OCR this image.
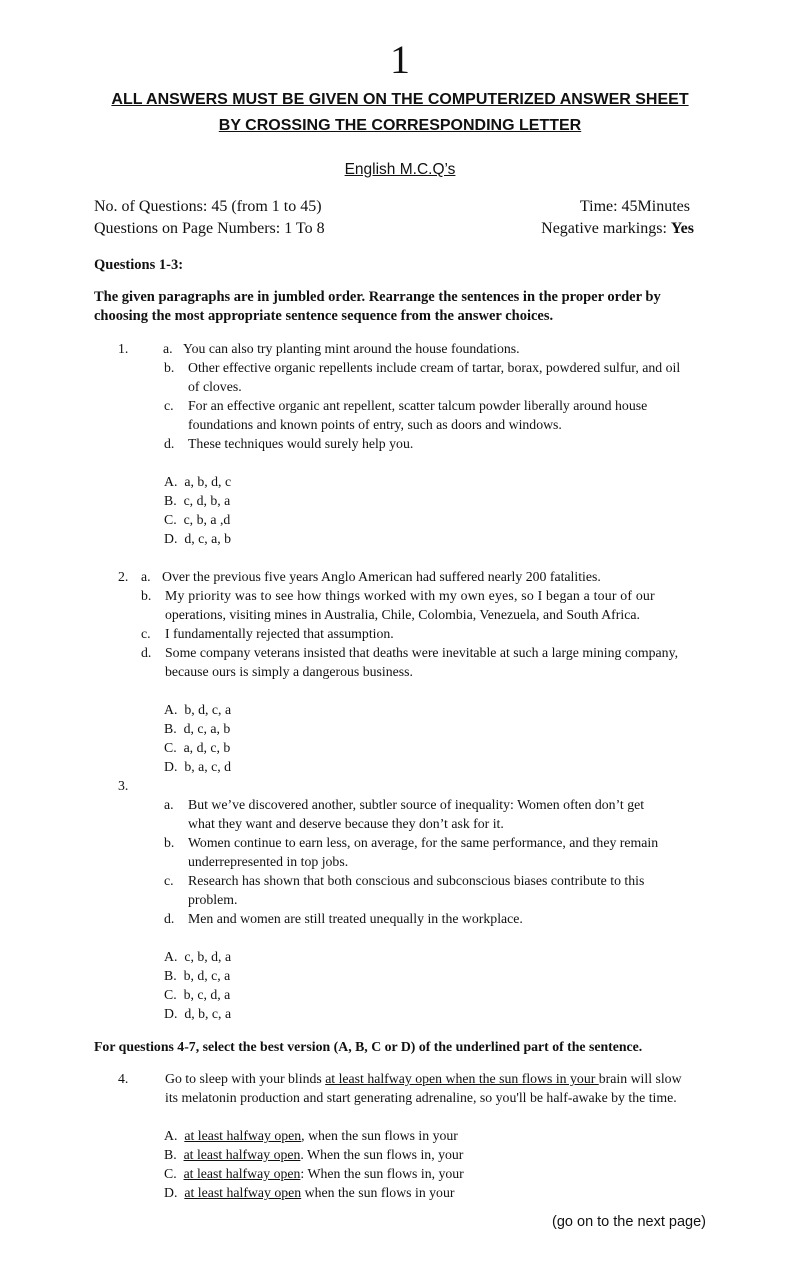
1
ALL ANSWERS MUST BE GIVEN ON THE COMPUTERIZED ANSWER SHEET
BY CROSSING THE CORRESPONDING LETTER
English M.C.Q’s
No. of Questions: 45 (from 1 to 45)	Time: 45Minutes
Questions on Page Numbers: 1 To 8	Negative markings: Yes
Questions 1-3:
The given paragraphs are in jumbled order. Rearrange the sentences in the proper order by
choosing the most appropriate sentence sequence from the answer choices.
1.	a. You can also try planting mint around the house foundations.
b. Other effective organic repellents include cream of tartar, borax, powdered sulfur, and oil
of cloves.
c. For an effective organic ant repellent, scatter talcum powder liberally around house
foundations and known points of entry, such as doors and windows.
d. These techniques would surely help you.
A. a, b, d, c
B. c, d, b, a
C. c, b, a ,d
D. d, c, a, b
2. a. Over the previous five years Anglo American had suffered nearly 200 fatalities.
b. My priority was to see how things worked with my own eyes, so I began a tour of our
operations, visiting mines in Australia, Chile, Colombia, Venezuela, and South Africa.
c. I fundamentally rejected that assumption.
d. Some company veterans insisted that deaths were inevitable at such a large mining company,
because ours is simply a dangerous business.
A. b, d, c, a
B. d, c, a, b
C. a, d, c, b
D. b, a, c, d
3.
a. But we’ve discovered another, subtler source of inequality: Women often don’t get
what they want and deserve because they don’t ask for it.
b. Women continue to earn less, on average, for the same performance, and they remain
underrepresented in top jobs.
c. Research has shown that both conscious and subconscious biases contribute to this
problem.
d. Men and women are still treated unequally in the workplace.
A. c, b, d, a
B. b, d, c, a
C. b, c, d, a
D. d, b, c, a
For questions 4-7, select the best version (A, B, C or D) of the underlined part of the sentence.
4.	Go to sleep with your blinds at least halfway open when the sun flows in your brain will slow
its melatonin production and start generating adrenaline, so you'll be half-awake by the time.
A. at least halfway open, when the sun flows in your
B. at least halfway open. When the sun flows in, your
C. at least halfway open: When the sun flows in, your
D. at least halfway open when the sun flows in your
(go on to the next page)
